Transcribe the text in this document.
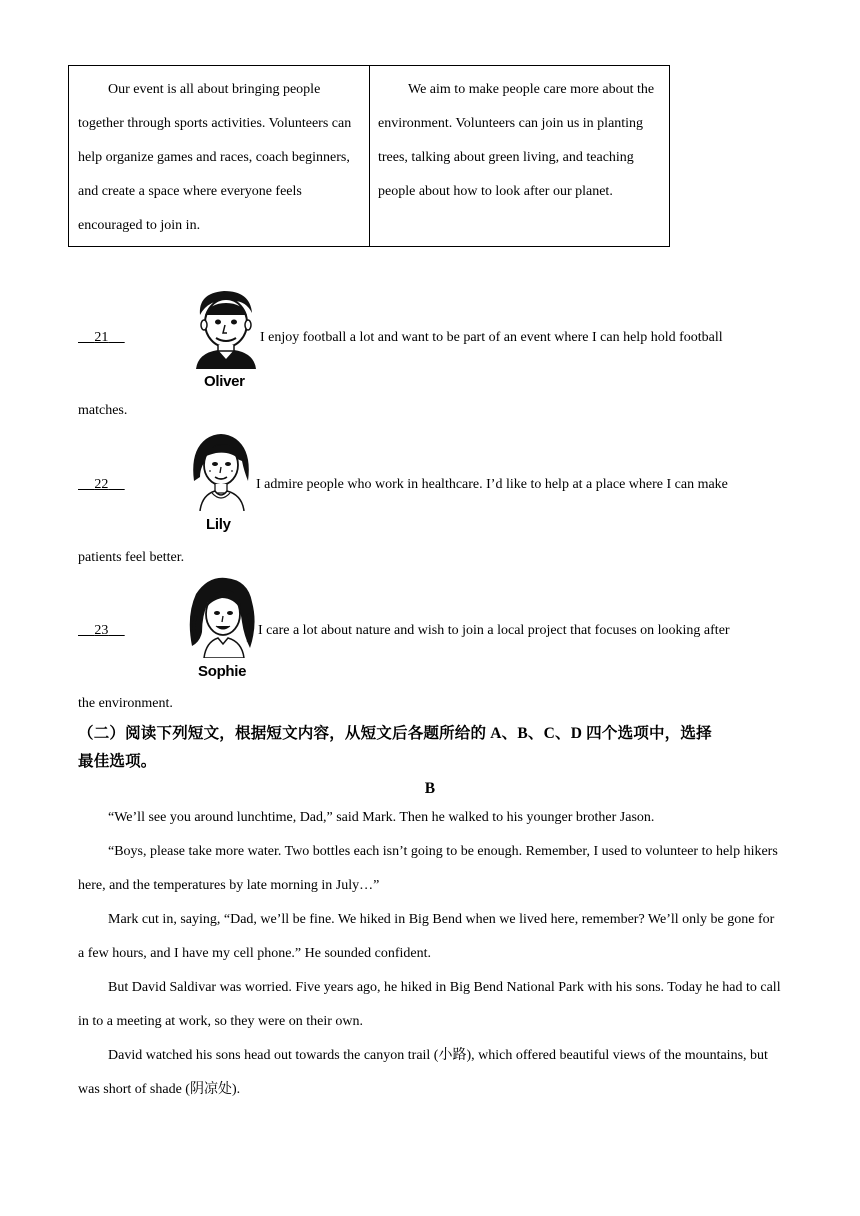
Our event is all about bringing people together through sports activities. Volunteers can help organize games and races, coach beginners, and create a space where everyone feels encouraged to join in.

We aim to make people care more about the environment. Volunteers can join us in planting trees, talking about green living, and teaching people about how to look after our planet.

   21   
Oliver
I enjoy football a lot and want to be part of an event where I can help hold football
matches.
   22   
Lily
I admire people who work in healthcare. I’d like to help at a place where I can make
patients feel better.
   23   
Sophie
I care a lot about nature and wish to join a local project that focuses on looking after
the environment.
（二）阅读下列短文，根据短文内容，从短文后各题所给的 A、B、C、D 四个选项中，选择
最佳选项。
B

“We’ll see you around lunchtime, Dad,” said Mark. Then he walked to his younger brother Jason.

“Boys, please take more water. Two bottles each isn’t going to be enough. Remember, I used to volunteer to help hikers here, and the temperatures by late morning in July…”

Mark cut in, saying, “Dad, we’ll be fine. We hiked in Big Bend when we lived here, remember? We’ll only be gone for a few hours, and I have my cell phone.” He sounded confident.

But David Saldivar was worried. Five years ago, he hiked in Big Bend National Park with his sons. Today he had to call in to a meeting at work, so they were on their own.

David watched his sons head out towards the canyon trail (小路), which offered beautiful views of the mountains, but was short of shade (阴凉处).
